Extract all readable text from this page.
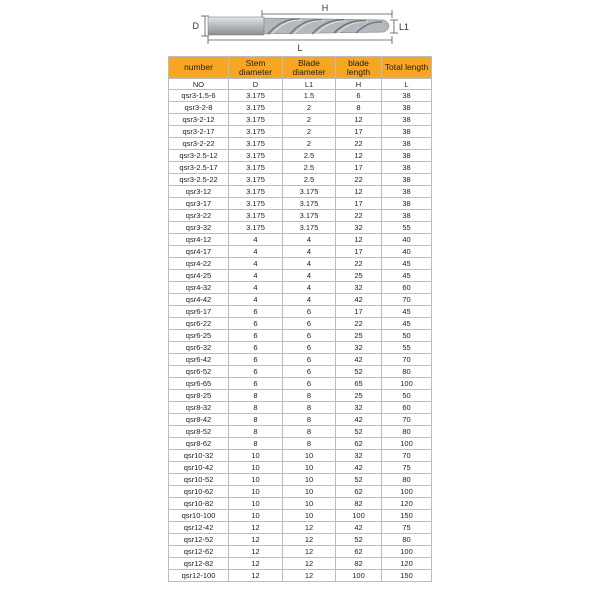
H
D	L1
L
number	Stem diameter	Blade diameter	blade length	Total length
NO	D	L1	H	L
qsr3-1.5-6	3.175	1.5	6	38
qsr3-2-8	3.175	2	8	38
qsr3-2-12	3.175	2	12	38
qsr3-2-17	3.175	2	17	38
qsr3-2-22	3.175	2	22	38
qsr3-2.5-12	3.175	2.5	12	38
qsr3-2.5-17	3.175	2.5	17	38
qsr3-2.5-22	3.175	2.5	22	38
qsr3-12	3.175	3.175	12	38
qsr3-17	3.175	3.175	17	38
qsr3-22	3.175	3.175	22	38
qsr3-32	3.175	3.175	32	55
qsr4-12	4	4	12	40
qsr4-17	4	4	17	40
qsr4-22	4	4	22	45
qsr4-25	4	4	25	45
qsr4-32	4	4	32	60
qsr4-42	4	4	42	70
qsr6-17	6	6	17	45
qsr6-22	6	6	22	45
qsr6-25	6	6	25	50
qsr6-32	6	6	32	55
qsr6-42	6	6	42	70
qsr6-52	6	6	52	80
qsr6-65	6	6	65	100
qsr8-25	8	8	25	50
qsr8-32	8	8	32	60
qsr8-42	8	8	42	70
qsr8-52	8	8	52	80
qsr8-62	8	8	62	100
qsr10-32	10	10	32	70
qsr10-42	10	10	42	75
qsr10-52	10	10	52	80
qsr10-62	10	10	62	100
qsr10-82	10	10	82	120
qsr10-100	10	10	100	150
qsr12-42	12	12	42	75
qsr12-52	12	12	52	80
qsr12-62	12	12	62	100
qsr12-82	12	12	82	120
qsr12-100	12	12	100	150
